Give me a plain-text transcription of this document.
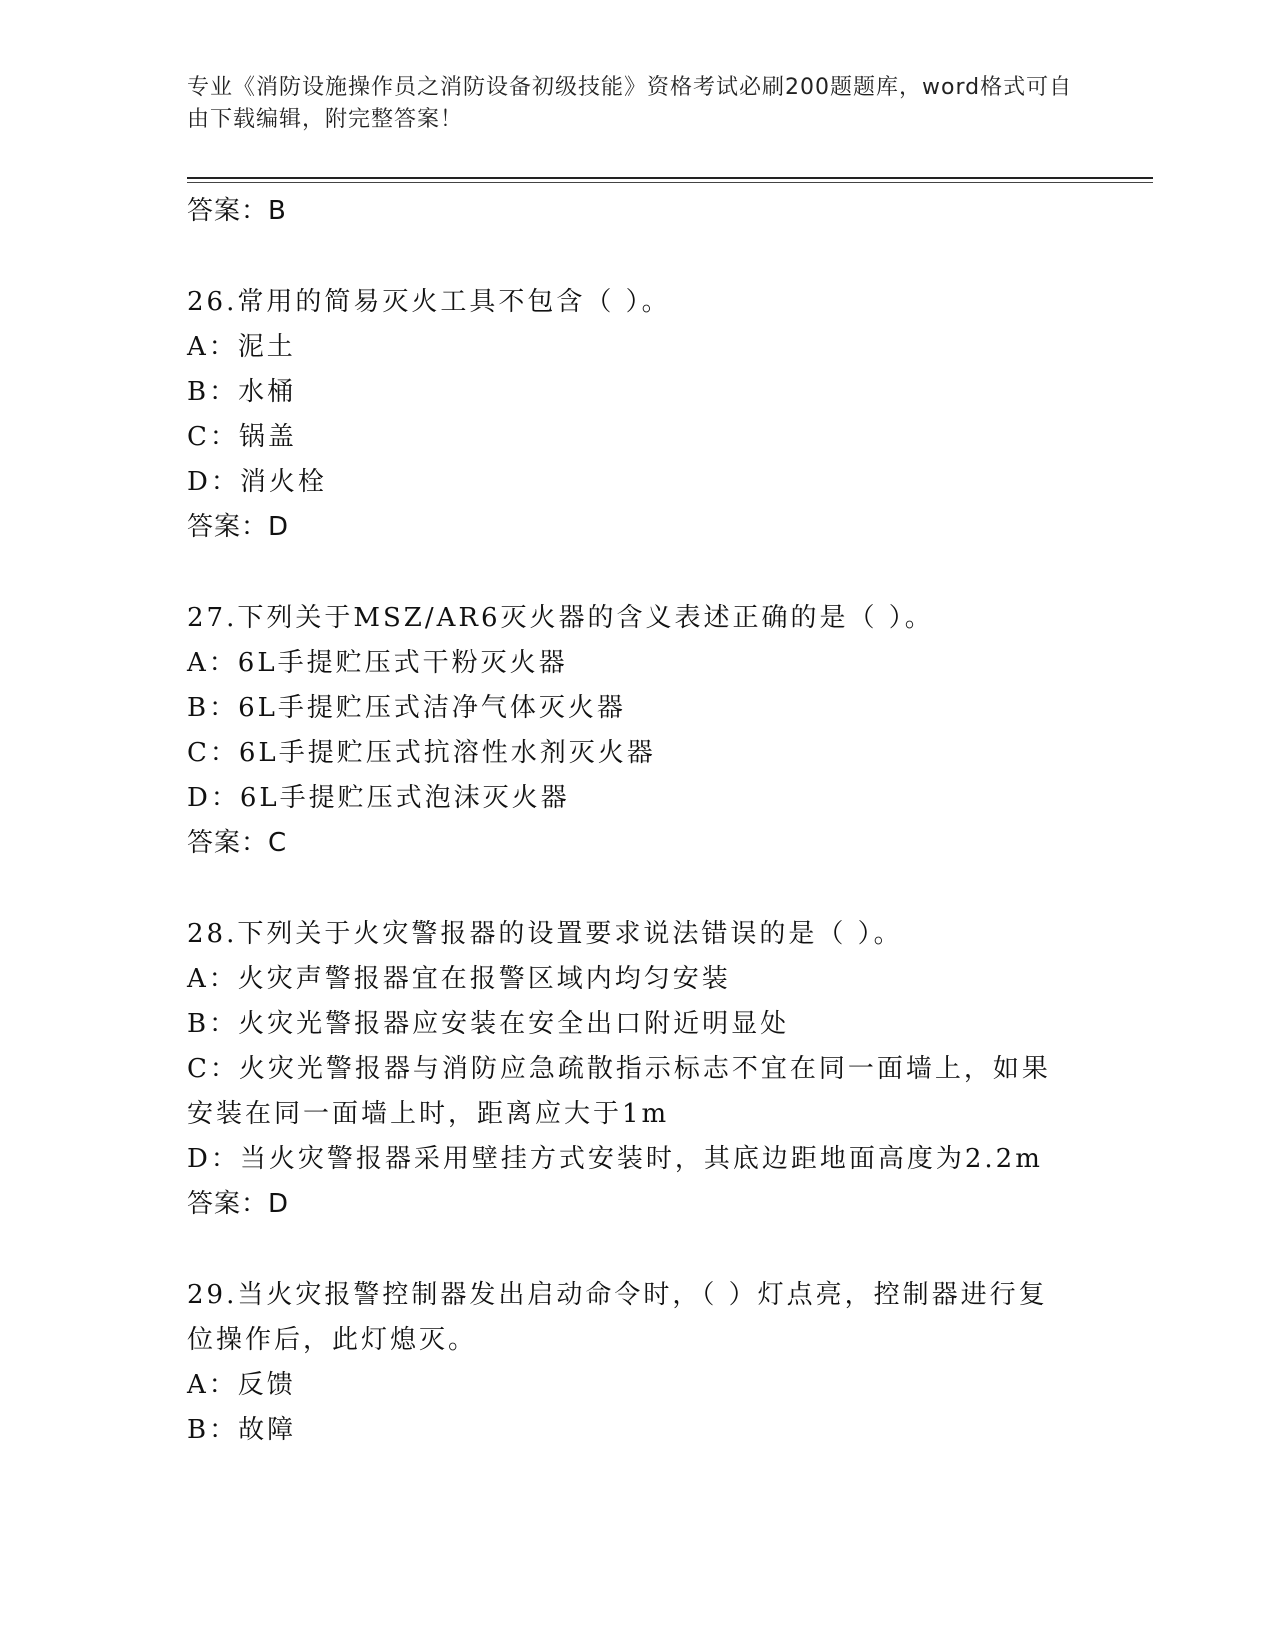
专业《消防设施操作员之消防设备初级技能》资格考试必刷200题题库，word格式可自由下载编辑，附完整答案！

答案：B

26.常用的简易灭火工具不包含（ ）。

A：泥土

B：水桶

C：锅盖

D：消火栓

答案：D

27.下列关于MSZ/AR6灭火器的含义表述正确的是（ ）。

A：6L手提贮压式干粉灭火器

B：6L手提贮压式洁净气体灭火器

C：6L手提贮压式抗溶性水剂灭火器

D：6L手提贮压式泡沫灭火器

答案：C

28.下列关于火灾警报器的设置要求说法错误的是（ ）。

A：火灾声警报器宜在报警区域内均匀安装

B：火灾光警报器应安装在安全出口附近明显处

C：火灾光警报器与消防应急疏散指示标志不宜在同一面墙上，如果安装在同一面墙上时，距离应大于1m

D：当火灾警报器采用壁挂方式安装时，其底边距地面高度为2.2m

答案：D

29.当火灾报警控制器发出启动命令时，（ ）灯点亮，控制器进行复位操作后，此灯熄灭。

A：反馈

B：故障
